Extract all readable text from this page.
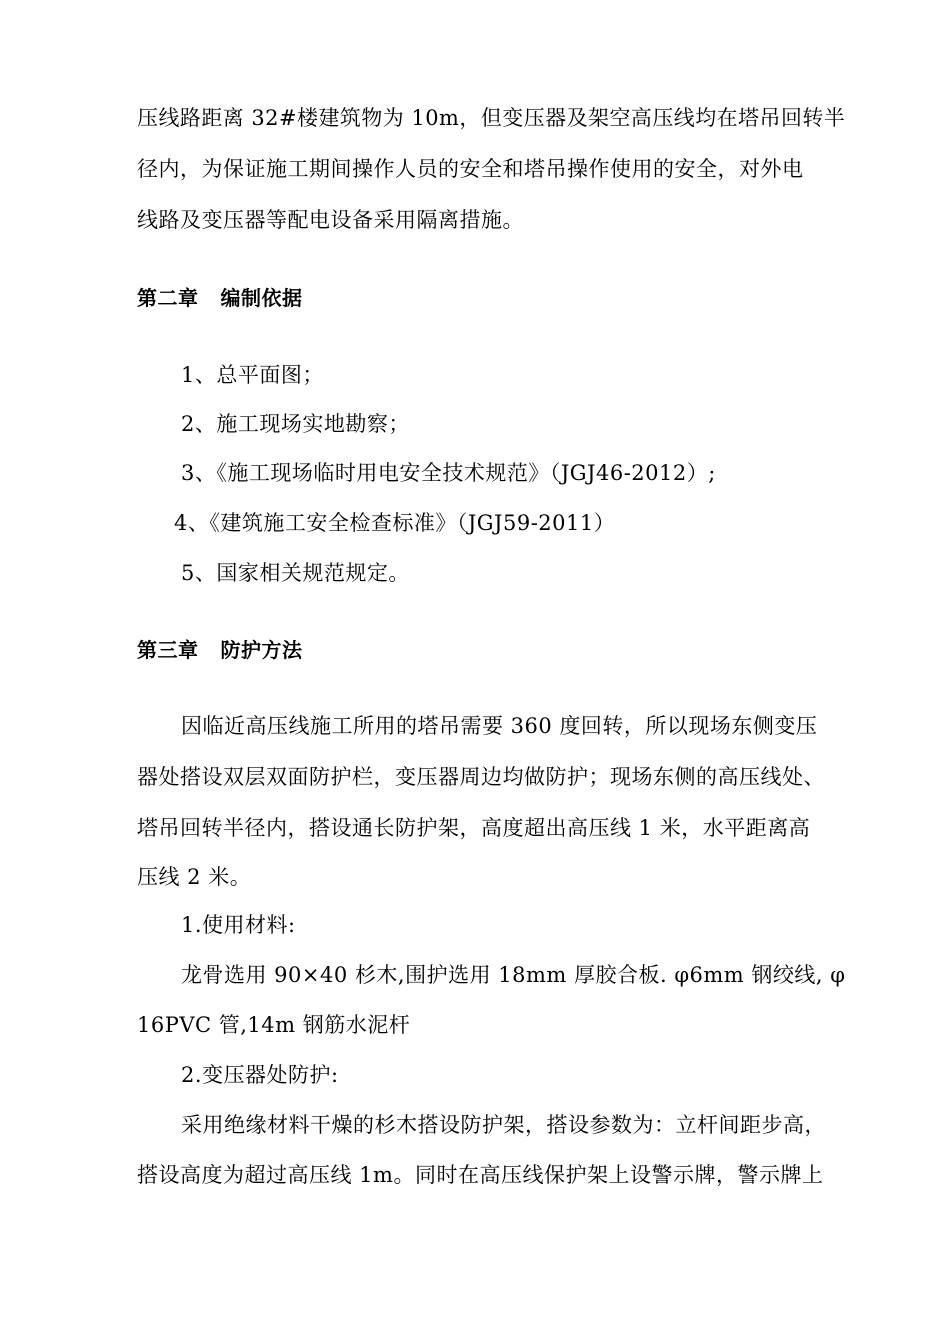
压线路距离 32#楼建筑物为 10m，但变压器及架空高压线均在塔吊回转半
径内，为保证施工期间操作人员的安全和塔吊操作使用的安全，对外电
线路及变压器等配电设备采用隔离措施。
第二章 编制依据
1、总平面图；
2、施工现场实地勘察；
3、《施工现场临时用电安全技术规范》（JGJ46-2012）;
4、《建筑施工安全检查标准》（JGJ59-2011）
5、国家相关规范规定。
第三章 防护方法
因临近高压线施工所用的塔吊需要 360 度回转，所以现场东侧变压
器处搭设双层双面防护栏，变压器周边均做防护；现场东侧的高压线处、
塔吊回转半径内，搭设通长防护架，高度超出高压线 1 米，水平距离高
压线 2 米。
1.使用材料:
龙骨选用 90×40 杉木,围护选用 18mm 厚胶合板. φ6mm 钢绞线, φ
16PVC 管,14m 钢筋水泥杆
2.变压器处防护:
采用绝缘材料干燥的杉木搭设防护架，搭设参数为：立杆间距步高，
搭设高度为超过高压线 1m。同时在高压线保护架上设警示牌，警示牌上
